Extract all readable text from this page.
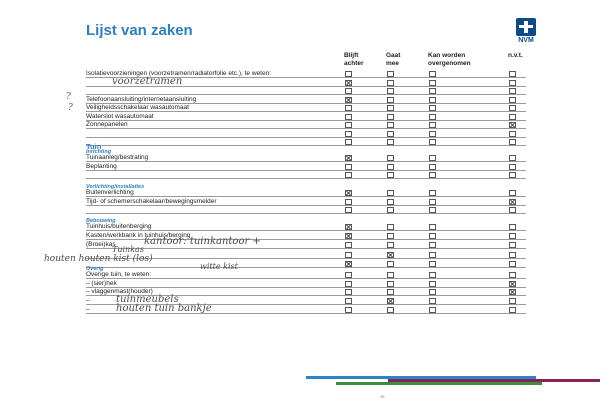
Lijst van zaken
NVM
Blijft
achter
Gaat
mee
Kan worden
overgenomen
n.v.t.
Isolatievoorzieningen (voorzetramen/radiatorfolie etc.), te weten:
Telefoonaansluiting/internetaansluiting
Veiligheidsschakelaar wasautomaat
Waterslot wasautomaat
Zonnepanelen
Tuinaanleg/bestrating
Beplanting
Buitenverlichting
Tijd- of schemerschakelaar/bewegingsmelder
Tuinhuis/buitenberging
Kasten/werkbank in tuinhuis/berging
(Broei)kas
Overige tuin, te weten:
– (sier)hek
– vlaggenmast(houder)
–
–
Tuin
Inrichting
Verlichting/installaties
Bebouwing
Overig
voorzetramen
?
?
kantoor: tuinkantoor +
Tuinkas
houten houten kist (los)
witte kist
tuinmeubels
houten tuin bankje
15
